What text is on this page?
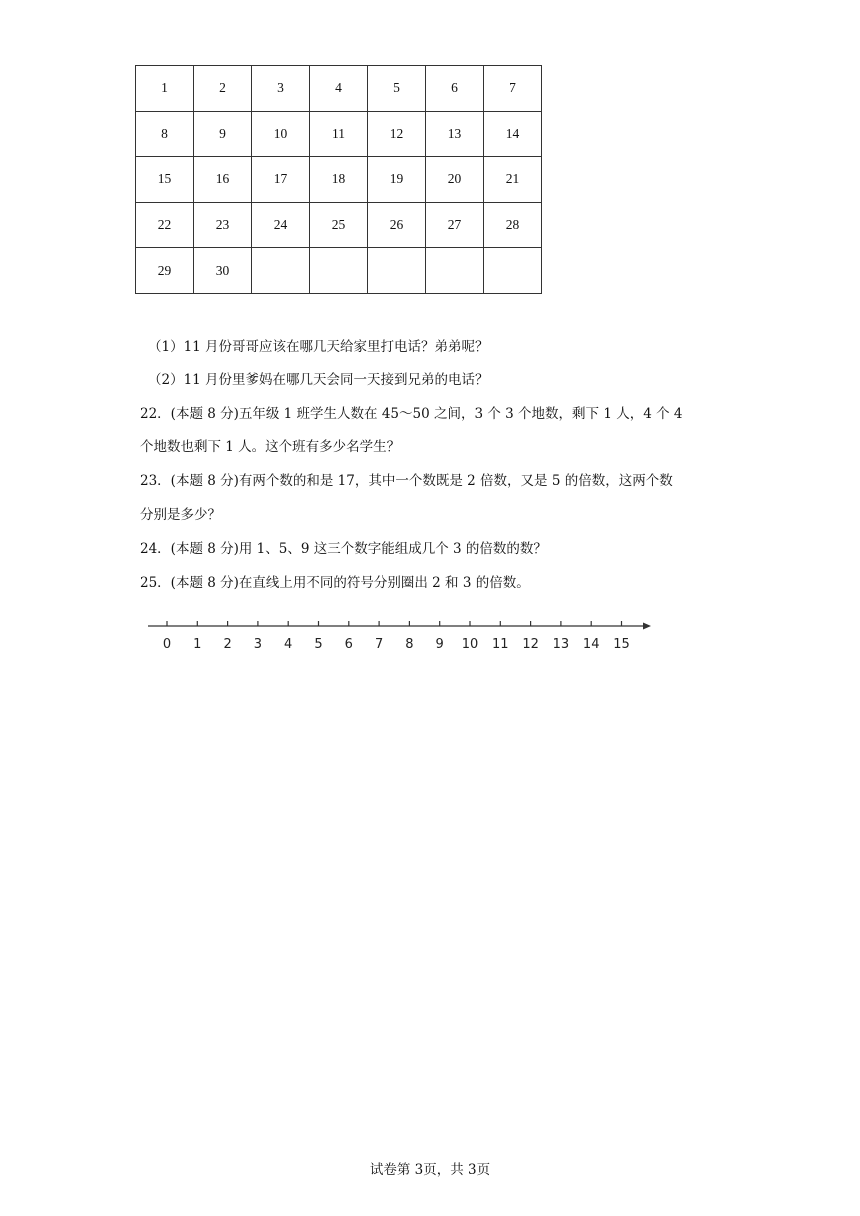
1	2	3	4	5	6	7
8	9	10	11	12	13	14
15	16	17	18	19	20	21
22	23	24	25	26	27	28
29	30					
（1）11 月份哥哥应该在哪几天给家里打电话？弟弟呢？
（2）11 月份里爹妈在哪几天会同一天接到兄弟的电话？
22．(本题 8 分)五年级 1 班学生人数在 45～50 之间，3 个 3 个地数，剩下 1 人，4 个 4
个地数也剩下 1 人。这个班有多少名学生？
23．(本题 8 分)有两个数的和是 17，其中一个数既是 2 倍数，又是 5 的倍数，这两个数
分别是多少？
24．(本题 8 分)用 1、5、9 这三个数字能组成几个 3 的倍数的数？
25．(本题 8 分)在直线上用不同的符号分别圈出 2 和 3 的倍数。
0 1 2 3 4 5 6 7 8 9 10 11 12 13 14 15
试卷第 3页，共 3页
